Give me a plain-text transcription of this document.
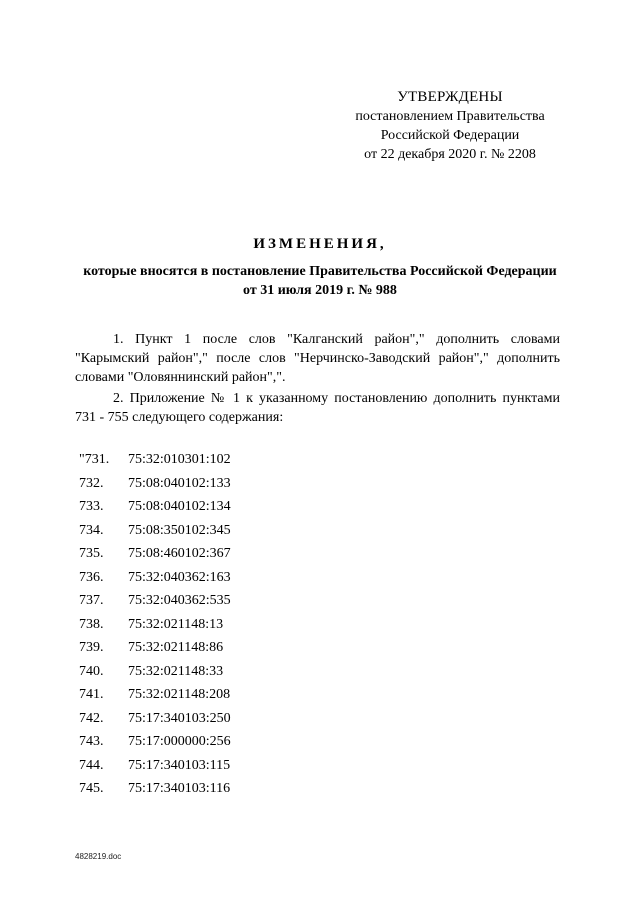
УТВЕРЖДЕНЫ
постановлением Правительства
Российской Федерации
от 22 декабря 2020 г. № 2208
ИЗМЕНЕНИЯ,
которые вносятся в постановление Правительства Российской Федерации от 31 июля 2019 г. № 988

1. Пункт 1 после слов "Калганский район"," дополнить словами "Карымский район"," после слов "Нерчинско-Заводский район"," дополнить словами "Оловяннинский район",".

2. Приложение № 1 к указанному постановлению дополнить пунктами 731 - 755 следующего содержания:

"731.	75:32:010301:102
732.	75:08:040102:133
733.	75:08:040102:134
734.	75:08:350102:345
735.	75:08:460102:367
736.	75:32:040362:163
737.	75:32:040362:535
738.	75:32:021148:13
739.	75:32:021148:86
740.	75:32:021148:33
741.	75:32:021148:208
742.	75:17:340103:250
743.	75:17:000000:256
744.	75:17:340103:115
745.	75:17:340103:116
4828219.doc
